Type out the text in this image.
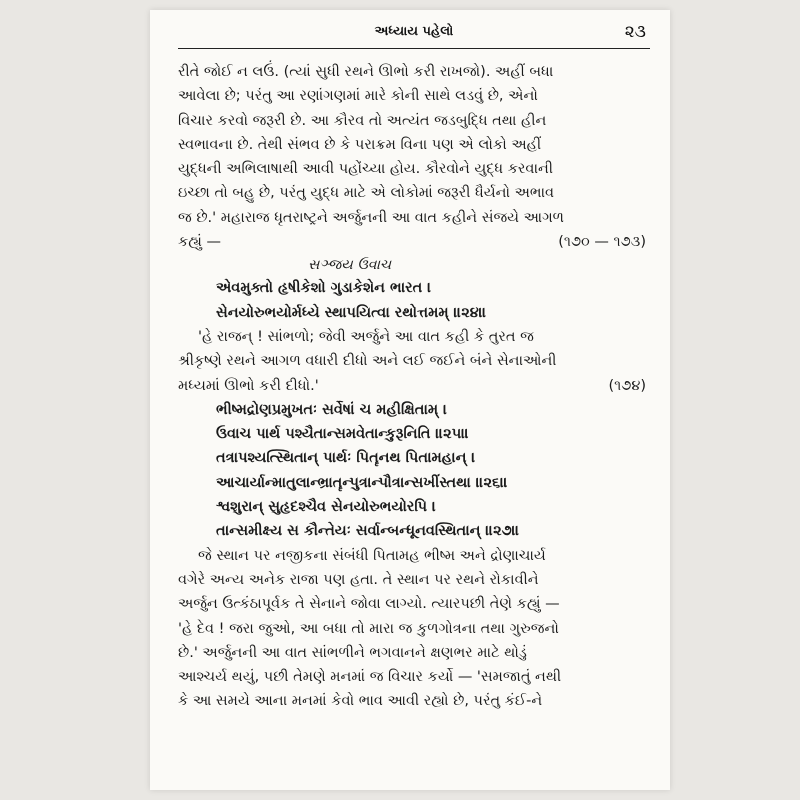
અધ્યાય પહેલો	૨૩
રીતે જોઈ ન લઉં. (ત્યાં સુધી રથને ઊભો કરી રાખજો). અહીં બધા
આવેલા છે; પરંતુ આ રણાંગણમાં મારે કોની સાથે લડવું છે, એનો
વિચાર કરવો જરૂરી છે. આ કૌરવ તો અત્યંત જડબુદ્ધિ તથા હીન
સ્વભાવના છે. તેથી સંભવ છે કે પરાક્રમ વિના પણ એ લોકો અહીં
યુદ્ધની અભિલાષાથી આવી પહોંચ્યા હોય. કૌરવોને યુદ્ધ કરવાની
ઇચ્છા તો બહુ છે, પરંતુ યુદ્ધ માટે એ લોકોમાં જરૂરી ધૈર્યનો અભાવ
જ છે.' મહારાજ ધૃતરાષ્ટ્રને અર્જુનની આ વાત કહીને સંજયે આગળ
કહ્યું —	(૧૭૦ — ૧૭૩)
સઞ્જય ઉવાચ
એવમુક્તો હૃષીકેશો ગુડાકેશેન ભારત ।
સેનયોરુભયોર્મધ્યે સ્થાપયિત્વા રથોત્તમમ્ ॥૨૪॥
'હે રાજન્ ! સાંભળો; જેવી અર્જુને આ વાત કહી કે તુરત જ
શ્રીકૃષ્ણે રથને આગળ વધારી દીધો અને લઈ જઈને બંને સેનાઓની
મધ્યમાં ઊભો કરી દીધો.'	(૧૭૪)
ભીષ્મદ્રોણપ્રમુખતઃ સર્વેષાં ચ મહીક્ષિતામ્ ।
ઉવાચ પાર્થ પશ્યૈતાન્સમવેતાન્કુરૂનિતિ ॥૨૫॥
તત્રાપશ્યત્સ્થિતાન્ પાર્થઃ પિતૄનથ પિતામહાન્ ।
આચાર્યાન્માતુલાન્ભ્રાતૄન્પુત્રાન્પૌત્રાન્સખીંસ્તથા ॥૨૬॥
શ્વશુરાન્ સુહૃદશ્ચૈવ સેનયોરુભયોરપિ ।
તાન્સમીક્ષ્ય સ કૌન્તેયઃ સર્વાન્બન્ધૂનવસ્થિતાન્ ॥૨૭॥
જે સ્થાન પર નજીકના સંબંધી પિતામહ ભીષ્મ અને દ્રોણાચાર્ય
વગેરે અન્ય અનેક રાજા પણ હતા. તે સ્થાન પર રથને રોકાવીને
અર્જુન ઉત્કંઠાપૂર્વક તે સેનાને જોવા લાગ્યો. ત્યારપછી તેણે કહ્યું —
'હે દેવ ! જરા જુઓ, આ બધા તો મારા જ કુળગોત્રના તથા ગુરુજનો
છે.' અર્જુનની આ વાત સાંભળીને ભગવાનને ક્ષણભર માટે થોડું
આશ્ચર્ય થયું, પછી તેમણે મનમાં જ વિચાર કર્યો — 'સમજાતું નથી
કે આ સમયે આના મનમાં કેવો ભાવ આવી રહ્યો છે, પરંતુ કંઈ-ને
